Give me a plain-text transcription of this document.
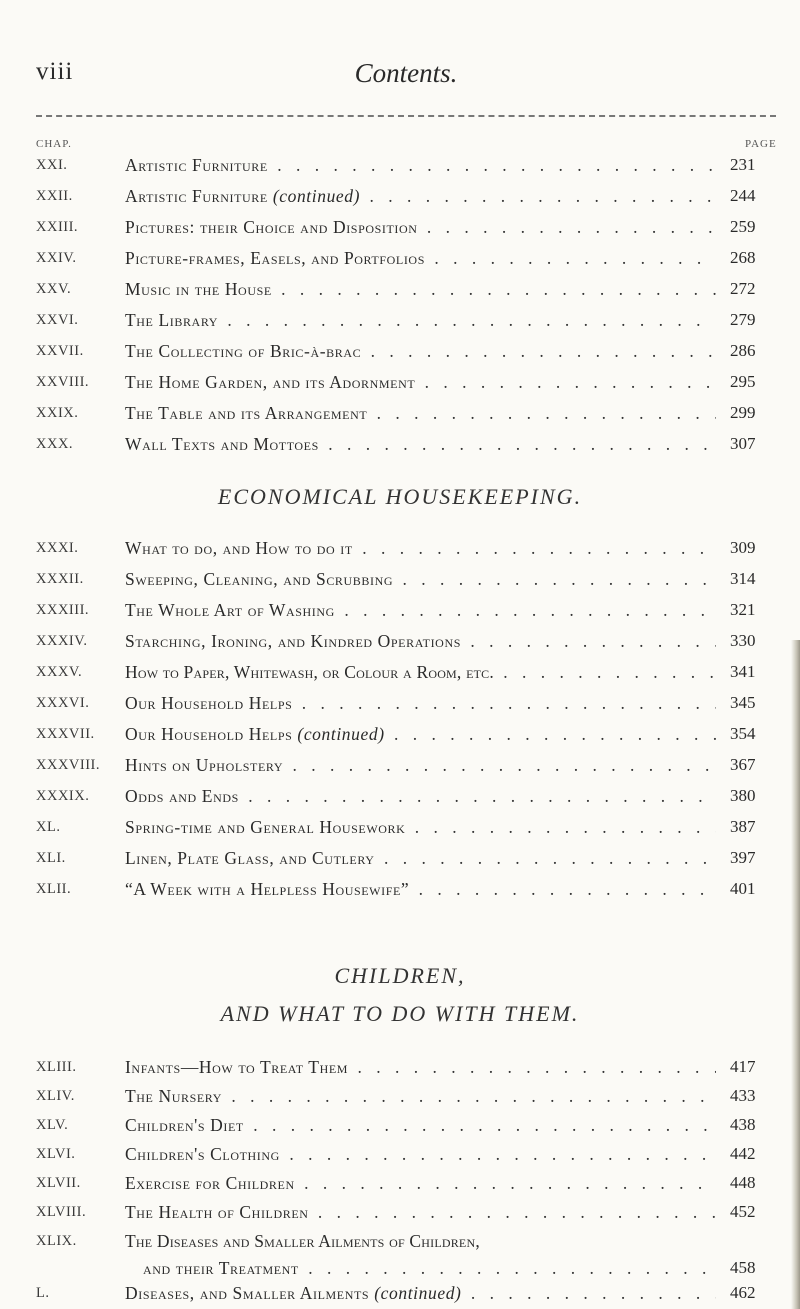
viii	Contents.
CHAP.	PAGE
XXI.	Artistic Furniture . . .	231
XXII.	Artistic Furniture (continued) . . .	244
XXIII.	Pictures: their Choice and Disposition . . .	259
XXIV.	Picture-frames, Easels, and Portfolios . . .	268
XXV.	Music in the House . . .	272
XXVI.	The Library . . .	279
XXVII.	The Collecting of Bric-à-brac . . .	286
XXVIII.	The Home Garden, and its Adornment . . .	295
XXIX.	The Table and its Arrangement . . .	299
XXX.	Wall Texts and Mottoes . . .	307
ECONOMICAL HOUSEKEEPING.
XXXI.	What to do, and How to do it . . .	309
XXXII.	Sweeping, Cleaning, and Scrubbing . . .	314
XXXIII.	The Whole Art of Washing . . .	321
XXXIV.	Starching, Ironing, and Kindred Operations . . .	330
XXXV.	How to Paper, Whitewash, or Colour a Room, etc. . . .	341
XXXVI.	Our Household Helps . . .	345
XXXVII.	Our Household Helps (continued) . . .	354
XXXVIII.	Hints on Upholstery . . .	367
XXXIX.	Odds and Ends . . .	380
XL.	Spring-time and General Housework . . .	387
XLI.	Linen, Plate Glass, and Cutlery . . .	397
XLII.	“A Week with a Helpless Housewife” . . .	401
CHILDREN,
AND WHAT TO DO WITH THEM.
XLIII.	Infants—How to Treat Them . . .	417
XLIV.	The Nursery . . .	433
XLV.	Children's Diet . . .	438
XLVI.	Children's Clothing . . .	442
XLVII.	Exercise for Children . . .	448
XLVIII.	The Health of Children . . .	452
XLIX.	The Diseases and Smaller Ailments of Children,
and their Treatment . . .	458
L.	Diseases, and Smaller Ailments (continued) . . .	462
